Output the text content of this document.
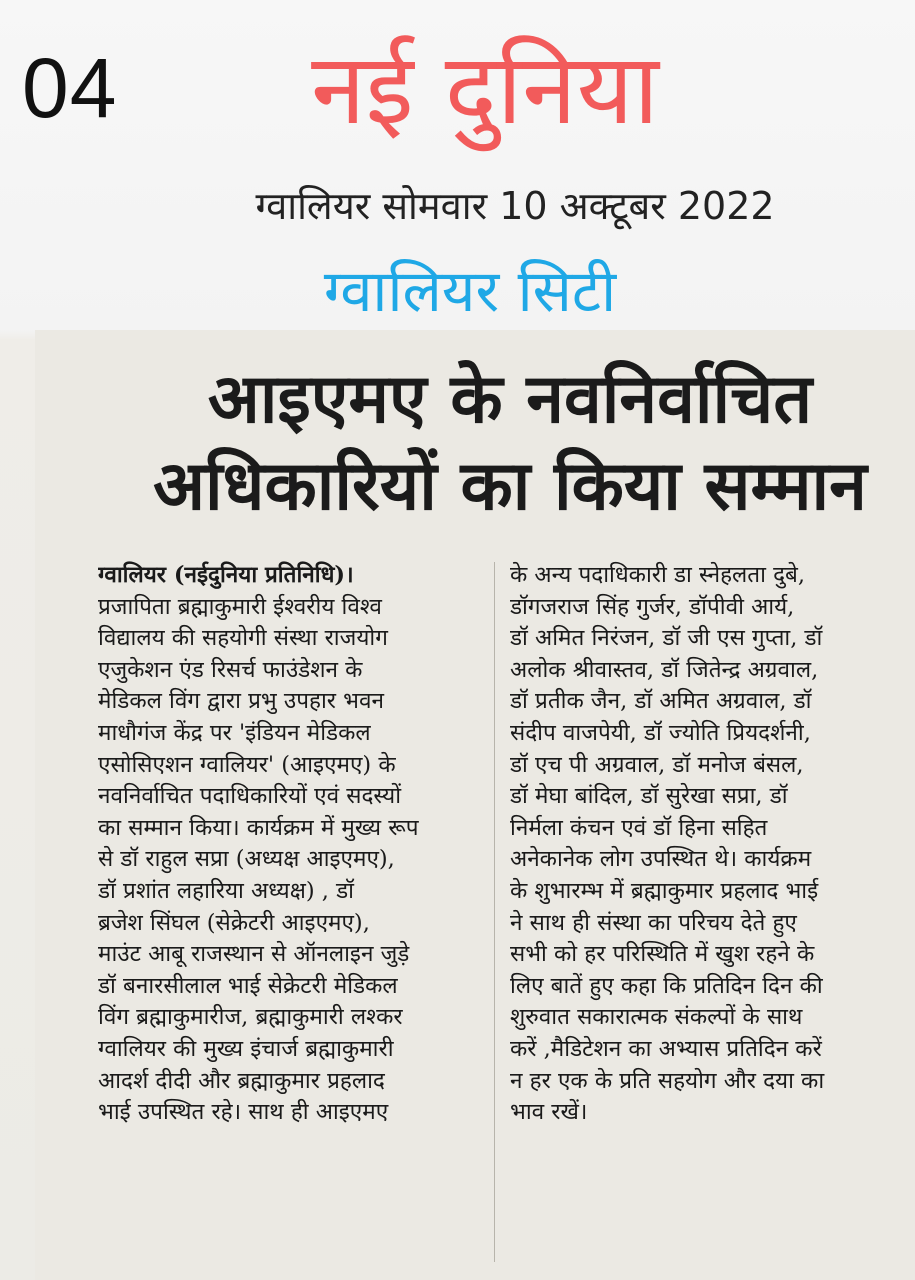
04	नई दुनिया
ग्वालियर सोमवार 10 अक्टूबर 2022
ग्वालियर सिटी
आइएमए के नवनिर्वाचित
अधिकारियों का किया सम्मान
ग्वालियर (नईदुनिया प्रतिनिधि)।
प्रजापिता ब्रह्माकुमारी ईश्वरीय विश्व
विद्यालय की सहयोगी संस्था राजयोग
एजुकेशन एंड रिसर्च फाउंडेशन के
मेडिकल विंग द्वारा प्रभु उपहार भवन
माधौगंज केंद्र पर 'इंडियन मेडिकल
एसोसिएशन ग्वालियर' (आइएमए) के
नवनिर्वाचित पदाधिकारियों एवं सदस्यों
का सम्मान किया। कार्यक्रम में मुख्य रूप
से डॉ राहुल सप्रा (अध्यक्ष आइएमए),
डॉ प्रशांत लहारिया अध्यक्ष) , डॉ
ब्रजेश सिंघल (सेक्रेटरी आइएमए),
माउंट आबू राजस्थान से ऑनलाइन जुड़े
डॉ बनारसीलाल भाई सेक्रेटरी मेडिकल
विंग ब्रह्माकुमारीज, ब्रह्माकुमारी लश्कर
ग्वालियर की मुख्य इंचार्ज ब्रह्माकुमारी
आदर्श दीदी और ब्रह्माकुमार प्रहलाद
भाई उपस्थित रहे। साथ ही आइएमए
के अन्य पदाधिकारी डा स्नेहलता दुबे,
डॉगजराज सिंह गुर्जर, डॉपीवी आर्य,
डॉ अमित निरंजन, डॉ जी एस गुप्ता, डॉ
अलोक श्रीवास्तव, डॉ जितेन्द्र अग्रवाल,
डॉ प्रतीक जैन, डॉ अमित अग्रवाल, डॉ
संदीप वाजपेयी, डॉ ज्योति प्रियदर्शनी,
डॉ एच पी अग्रवाल, डॉ मनोज बंसल,
डॉ मेघा बांदिल, डॉ सुरेखा सप्रा, डॉ
निर्मला कंचन एवं डॉ हिना सहित
अनेकानेक लोग उपस्थित थे। कार्यक्रम
के शुभारम्भ में ब्रह्माकुमार प्रहलाद भाई
ने साथ ही संस्था का परिचय देते हुए
सभी को हर परिस्थिति में खुश रहने के
लिए बातें हुए कहा कि प्रतिदिन दिन की
शुरुवात सकारात्मक संकल्पों के साथ
करें ,मैडिटेशन का अभ्यास प्रतिदिन करें
न हर एक के प्रति सहयोग और दया का
भाव रखें।
